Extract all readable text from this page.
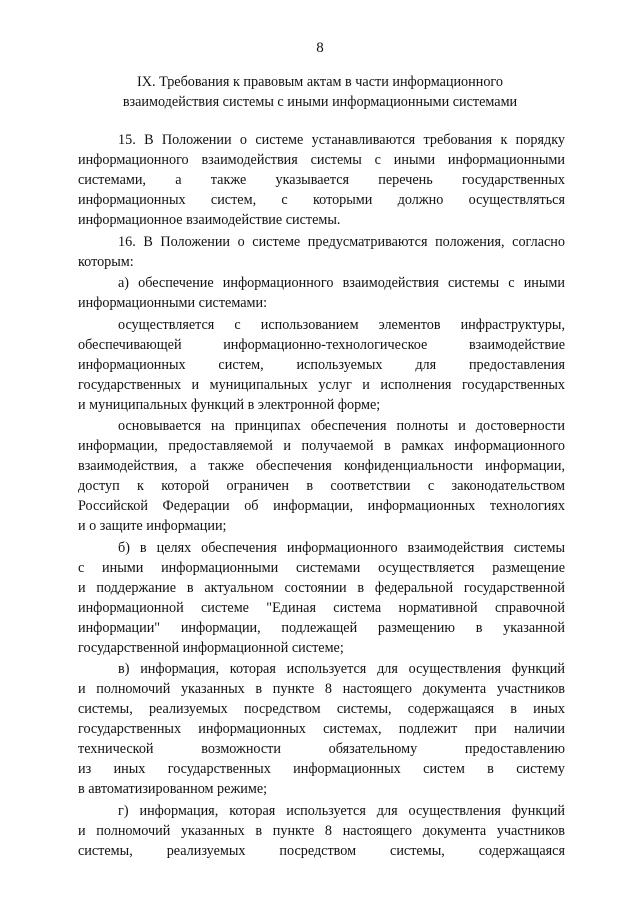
8
IX. Требования к правовым актам в части информационного
взаимодействия системы с иными информационными системами
15. В Положении о системе устанавливаются требования к порядку
информационного взаимодействия системы с иными информационными
системами, а также указывается перечень государственных
информационных систем, с которыми должно осуществляться
информационное взаимодействие системы.
16. В Положении о системе предусматриваются положения, согласно
которым:
а) обеспечение информационного взаимодействия системы с иными
информационными системами:
осуществляется с использованием элементов инфраструктуры,
обеспечивающей информационно-технологическое взаимодействие
информационных систем, используемых для предоставления
государственных и муниципальных услуг и исполнения государственных
и муниципальных функций в электронной форме;
основывается на принципах обеспечения полноты и достоверности
информации, предоставляемой и получаемой в рамках информационного
взаимодействия, а также обеспечения конфиденциальности информации,
доступ к которой ограничен в соответствии с законодательством
Российской Федерации об информации, информационных технологиях
и о защите информации;
б) в целях обеспечения информационного взаимодействия системы
с иными информационными системами осуществляется размещение
и поддержание в актуальном состоянии в федеральной государственной
информационной системе "Единая система нормативной справочной
информации" информации, подлежащей размещению в указанной
государственной информационной системе;
в) информация, которая используется для осуществления функций
и полномочий указанных в пункте 8 настоящего документа участников
системы, реализуемых посредством системы, содержащаяся в иных
государственных информационных системах, подлежит при наличии
технической возможности обязательному предоставлению
из иных государственных информационных систем в систему
в автоматизированном режиме;
г) информация, которая используется для осуществления функций
и полномочий указанных в пункте 8 настоящего документа участников
системы, реализуемых посредством системы, содержащаяся
